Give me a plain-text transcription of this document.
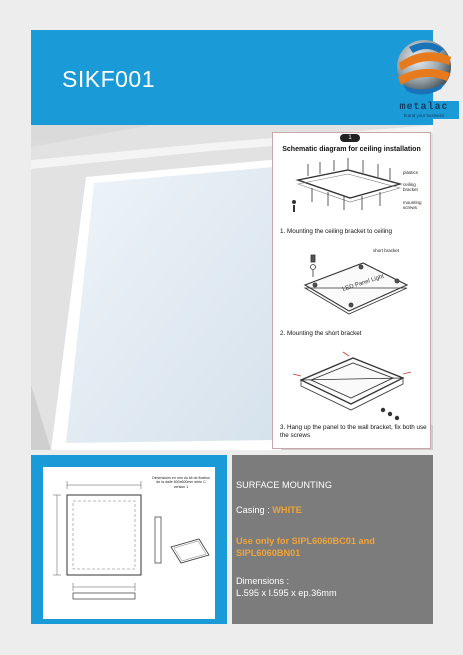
SIKF001
metalac
brand your business
1
Schematic diagram for ceiling installation
plastics
ceiling bracket
mounting screws
1. Mounting the ceiling bracket to ceiling
LED Panel Light
short bracket
2. Mounting the short bracket
3. Hang up the panel to the wall bracket, fix both use the screws
Dimensions en mm du kit de fixation de la dalle 600x600mm série C version 1	SURFACE MOUNTING
Casing : WHITE
Use only for SIPL6060BC01 and SIPL6060BN01
Dimensions :
L.595 x l.595 x ep.36mm
